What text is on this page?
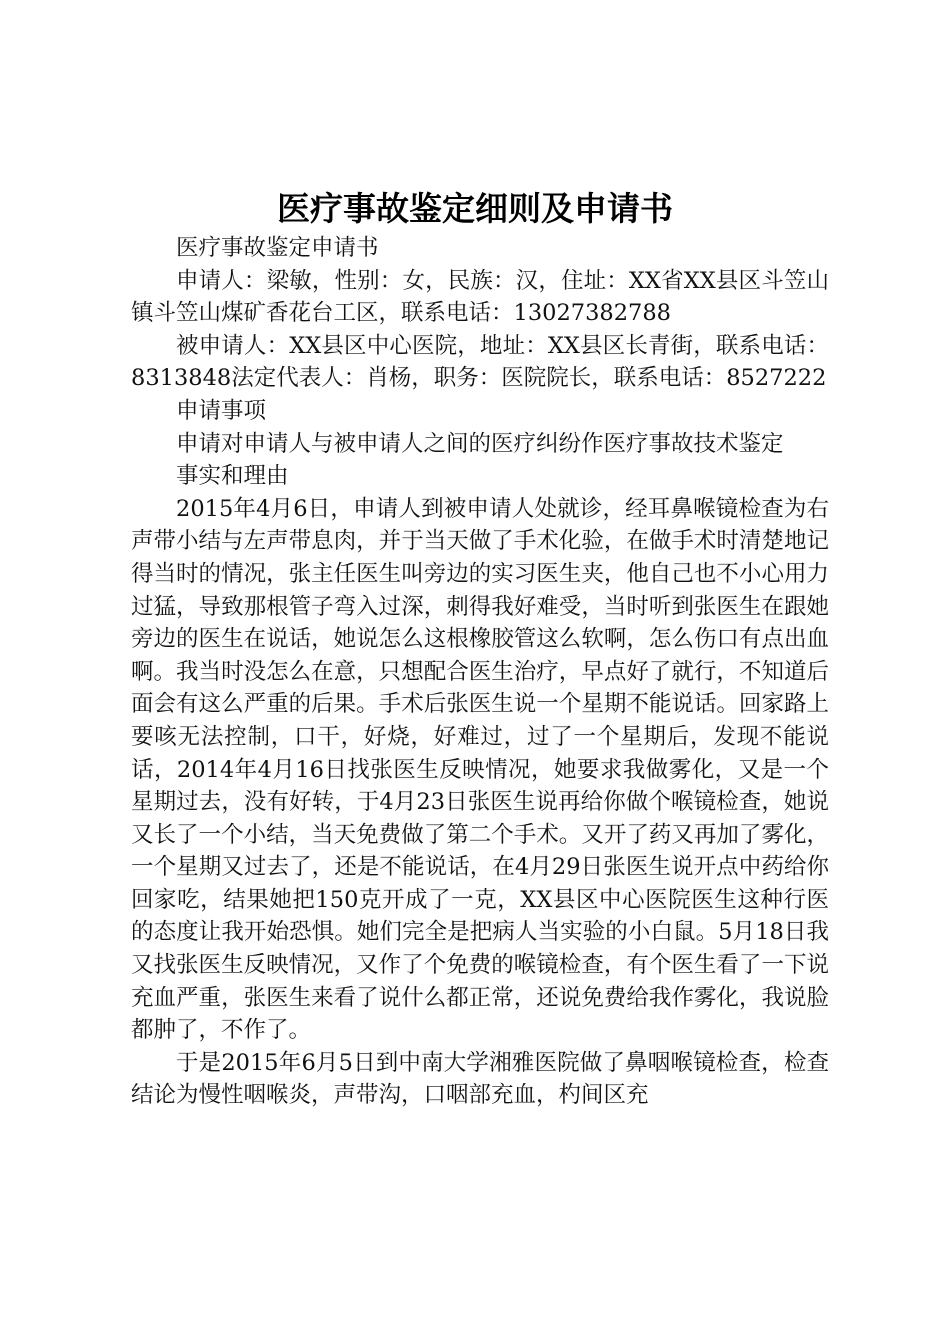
医疗事故鉴定细则及申请书

医疗事故鉴定申请书

申请人：梁敏，性别：女，民族：汉，住址：XX省XX县区斗笠山镇斗笠山煤矿香花台工区，联系电话：13027382788

被申请人：XX县区中心医院，地址：XX县区长青街，联系电话：8313848法定代表人：肖杨，职务：医院院长，联系电话：8527222

申请事项

申请对申请人与被申请人之间的医疗纠纷作医疗事故技术鉴定

事实和理由

2015年4月6日，申请人到被申请人处就诊，经耳鼻喉镜检查为右声带小结与左声带息肉，并于当天做了手术化验，在做手术时清楚地记得当时的情况，张主任医生叫旁边的实习医生夹，他自己也不小心用力过猛，导致那根管子弯入过深，刺得我好难受，当时听到张医生在跟她旁边的医生在说话，她说怎么这根橡胶管这么软啊，怎么伤口有点出血啊。我当时没怎么在意，只想配合医生治疗，早点好了就行，不知道后面会有这么严重的后果。手术后张医生说一个星期不能说话。回家路上要咳无法控制，口干，好烧，好难过，过了一个星期后，发现不能说话，2014年4月16日找张医生反映情况，她要求我做雾化，又是一个星期过去，没有好转，于4月23日张医生说再给你做个喉镜检查，她说又长了一个小结，当天免费做了第二个手术。又开了药又再加了雾化，一个星期又过去了，还是不能说话，在4月29日张医生说开点中药给你回家吃，结果她把150克开成了一克，XX县区中心医院医生这种行医的态度让我开始恐惧。她们完全是把病人当实验的小白鼠。5月18日我又找张医生反映情况，又作了个免费的喉镜检查，有个医生看了一下说充血严重，张医生来看了说什么都正常，还说免费给我作雾化，我说脸都肿了，不作了。

于是2015年6月5日到中南大学湘雅医院做了鼻咽喉镜检查，检查结论为慢性咽喉炎，声带沟，口咽部充血，杓间区充
